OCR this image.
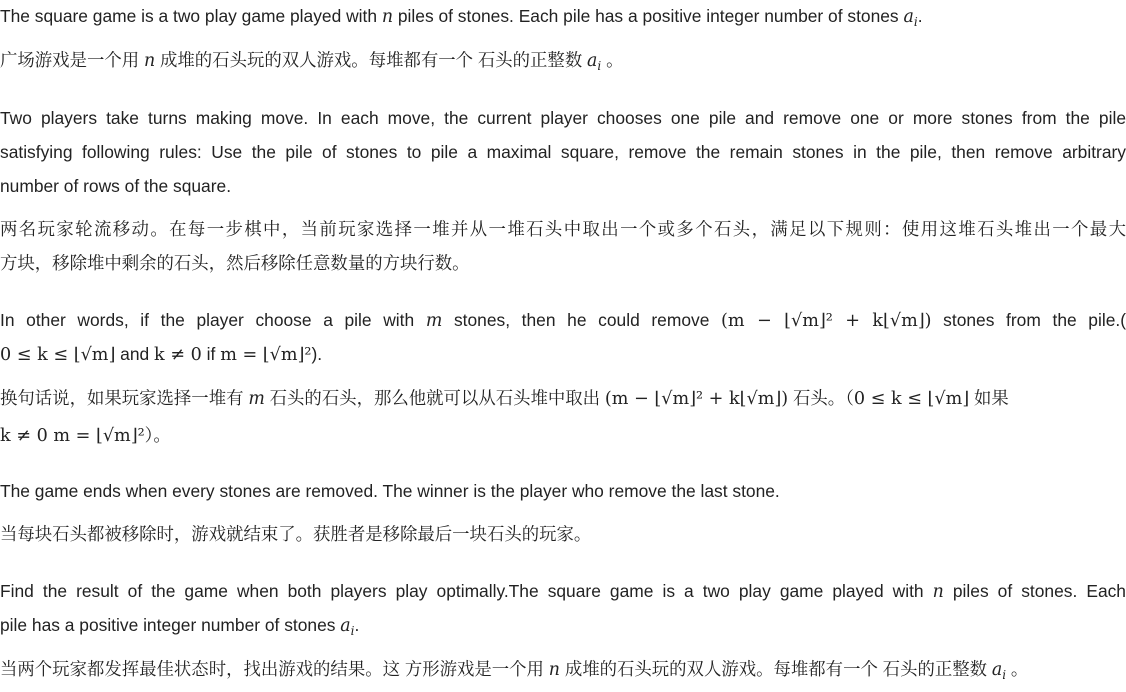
The square game is a two play game played with n piles of stones. Each pile has a positive integer number of stones $a_i$.

广场游戏是一个用 n 成堆的石头玩的双人游戏。每堆都有一个 石头的正整数 $a_i$ 。

Two players take turns making move. In each move, the current player chooses one pile and remove one or more stones from the pile

satisfying following rules: Use the pile of stones to pile a maximal square, remove the remain stones in the pile, then remove arbitrary

number of rows of the square.

两名玩家轮流移动。在每一步棋中，当前玩家选择一堆并从一堆石头中取出一个或多个石头，满足以下规则：使用这堆石头堆出一个最大

方块，移除堆中剩余的石头，然后移除任意数量的方块行数。

In other words, if the player choose a pile with m stones, then he could remove (m − ⌊√m⌋² + k⌊√m⌋) stones from the pile.(

0 ≤ k ≤ ⌊√m⌋ and k ≠ 0 if m = ⌊√m⌋²).

换句话说，如果玩家选择一堆有 m 石头的石头，那么他就可以从石头堆中取出 (m − ⌊√m⌋² + k⌊√m⌋) 石头。（0 ≤ k ≤ ⌊√m⌋ 如果

k ≠ 0 m = ⌊√m⌋²）。

The game ends when every stones are removed. The winner is the player who remove the last stone.

当每块石头都被移除时，游戏就结束了。获胜者是移除最后一块石头的玩家。

Find the result of the game when both players play optimally.The square game is a two play game played with n piles of stones. Each

pile has a positive integer number of stones $a_i$.

当两个玩家都发挥最佳状态时，找出游戏的结果。这 方形游戏是一个用 n 成堆的石头玩的双人游戏。每堆都有一个 石头的正整数 $a_i$ 。
